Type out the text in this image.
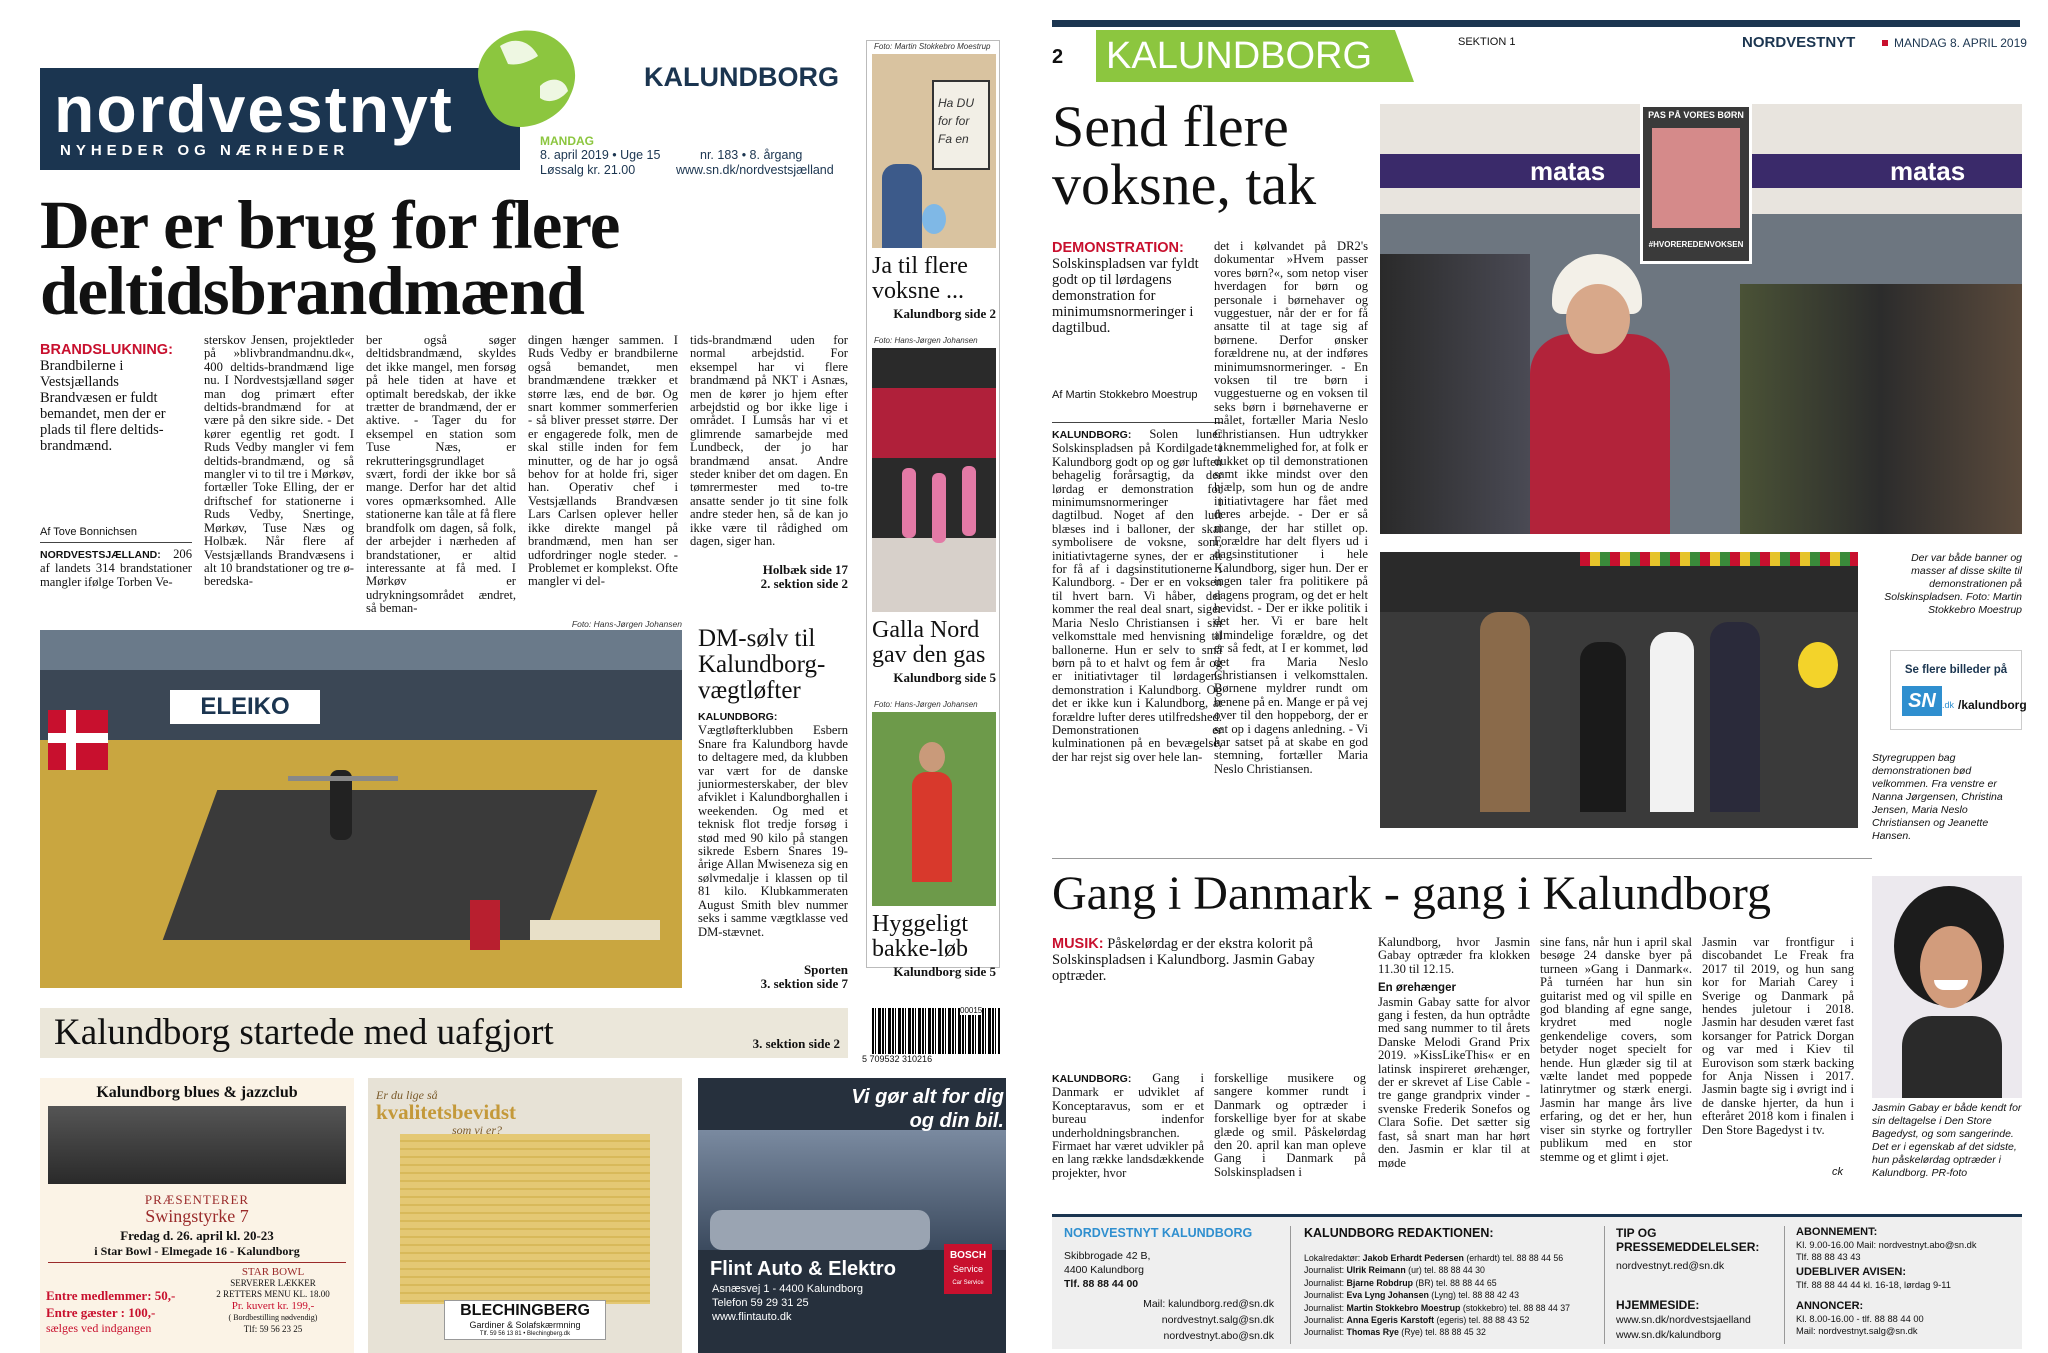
nordvestnyt
NYHEDER OG NÆRHEDER
KALUNDBORG
MANDAG
8. april 2019 • Uge 15
Løssalg kr. 21.00
nr. 183 • 8. årgang
www.sn.dk/nordvestsjælland
Der er brug for flere deltidsbrandmænd
BRANDSLUKNING:
Brandbilerne i Vestsjællands Brandvæsen er fuldt bemandet, men der er plads til flere deltids-brandmænd.
Af Tove Bonnichsen
NORDVESTSJÆLLAND: 206 af landets 314 brandstationer mangler ifølge Torben Ve-
sterskov Jensen, projektleder på »blivbrandmandnu.dk«, 400 deltids-brandmænd lige nu. I Nordvestsjælland søger man dog primært efter deltids-brandmænd for at være på den sikre side. - Det kører egentlig ret godt. I Ruds Vedby mangler vi fem deltids-brandmænd, og så mangler vi to til tre i Mørkøv, fortæller Toke Elling, der er driftschef for stationerne i Ruds Vedby, Snertinge, Mørkøv, Tuse Næs og Holbæk. Når flere af Vestsjællands Brandvæsens i alt 10 brandstationer og tre ø-beredska-
ber også søger deltidsbrandmænd, skyldes det ikke mangel, men forsøg på hele tiden at have et optimalt beredskab, der ikke trætter de brandmænd, der er aktive. - Tager du for eksempel en station som Tuse Næs, er rekrutteringsgrundlaget svært, fordi der ikke bor så mange. Derfor har det altid vores opmærksomhed. Alle stationerne kan tåle at få flere brandfolk om dagen, så folk, der arbejder i nærheden af brandstationer, er altid interessante at få med. I Mørkøv er udrykningsområdet ændret, så beman-
dingen hænger sammen. I Ruds Vedby er brandbilerne også bemandet, men brandmændene trækker et større læs, end de bør. Og snart kommer sommerferien - så bliver presset større. Der er engagerede folk, men de skal stille inden for fem minutter, og de har jo også behov for at holde fri, siger han. Operativ chef i Vestsjællands Brandvæsen Lars Carlsen oplever heller ikke direkte mangel på brandmænd, men han ser udfordringer nogle steder. - Problemet er komplekst. Ofte mangler vi del-
tids-brandmænd uden for normal arbejdstid. For eksempel har vi flere brandmænd på NKT i Asnæs, men de kører jo hjem efter arbejdstid og bor ikke lige i området. I Lumsås har vi et glimrende samarbejde med Lundbeck, der jo har brandmænd ansat. Andre steder kniber det om dagen. En tømrermester med to-tre ansatte sender jo tit sine folk andre steder hen, så de kan jo ikke være til rådighed om dagen, siger han.
Holbæk side 17
2. sektion side 2
Foto: Hans-Jørgen Johansen
ELEIKO
DM-sølv til Kalundborg-vægtløfter
KALUNDBORG: Vægtløfterklubben Esbern Snare fra Kalundborg havde to deltagere med, da klubben var vært for de danske juniormesterskaber, der blev afviklet i Kalundborghallen i weekenden. Og med et teknisk flot tredje forsøg i stød med 90 kilo på stangen sikrede Esbern Snares 19-årige Allan Mwiseneza sig en sølvmedalje i klassen op til 81 kilo. Klubkammeraten August Smith blev nummer seks i samme vægtklasse ved DM-stævnet.
Sporten
3. sektion side 7
Kalundborg startede med uafgjort	3. sektion side 2
Foto: Martin Stokkebro Moestrup
Ha DU for for Fa en
Ja til flere voksne ...
Kalundborg side 2
Foto: Hans-Jørgen Johansen
Galla Nord gav den gas
Kalundborg side 5
Foto: Hans-Jørgen Johansen
Hyggeligt bakke-løb
Kalundborg side 5
00015
5 709532 310216
Kalundborg blues & jazzclub
PRÆSENTERER
Swingstyrke 7
Fredag d. 26. april kl. 20-23
i Star Bowl - Elmegade 16 - Kalundborg
Entre medlemmer: 50,-
Entre gæster : 100,-
sælges ved indgangen
STAR BOWL
SERVERER LÆKKER
2 RETTERS MENU KL. 18.00
Pr. kuvert kr. 199,-
( Bordbestilling nødvendig)
Tlf: 59 56 23 25
Er du lige så
kvalitetsbevidst
som vi er?
BLECHINGBERG
Gardiner & Solafskærmning
Tlf. 59 56 13 81 • Blechingberg.dk
Vi gør alt for dig
og din bil.
Flint Auto & Elektro
Asnæsvej 1 - 4400 Kalundborg
Telefon 59 29 31 25
www.flintauto.dk
BOSCH
Service
Car Service
2 KALUNDBORG	SEKTION 1	NORDVESTNYT	MANDAG 8. APRIL 2019
Send flere voksne, tak
DEMONSTRATION:
Solskinspladsen var fyldt godt op til lørdagens demonstration for minimumsnormeringer i dagtilbud.
Af Martin Stokkebro Moestrup
KALUNDBORG: Solen luner Solskinspladsen på Kordilgade i Kalundborg godt op og gør luften behagelig forårsagtig, da der lørdag er demonstration for minimumsnormeringer i dagtilbud. Noget af den luft blæses ind i balloner, der skal symbolisere de voksne, som, initiativtagerne synes, der er alt for få af i dagsinstitutionerne i Kalundborg. - Der er en voksen til hvert barn. Vi håber, der kommer the real deal snart, siger Maria Neslo Christiansen i sin velkomsttale med henvisning til ballonerne. Hun er selv to små børn på to et halvt og fem år og er initiativtager til lørdagens demonstration i Kalundborg. Og det er ikke kun i Kalundborg, at forældre lufter deres utilfredshed. Demonstrationen er kulminationen på en bevægelse, der har rejst sig over hele lan-
det i kølvandet på DR2's dokumentar »Hvem passer vores børn?«, som netop viser hverdagen for børn og personale i børnehaver og vuggestuer, når der er for få ansatte til at tage sig af børnene. Derfor ønsker forældrene nu, at der indføres minimumsnormeringer. - En voksen til tre børn i vuggestuerne og en voksen til seks børn i børnehaverne er målet, fortæller Maria Neslo Christiansen. Hun udtrykker taknemmelighed for, at folk er dukket op til demonstrationen samt ikke mindst over den hjælp, som hun og de andre initiativtagere har fået med deres arbejde. - Der er så mange, der har stillet op. Forældre har delt flyers ud i dagsinstitutioner i hele Kalundborg, siger hun. Der er ingen taler fra politikere på dagens program, og det er helt bevidst. - Der er ikke politik i det her. Vi er bare helt almindelige forældre, og det er så fedt, at I er kommet, lød det fra Maria Neslo Christiansen i velkomsttalen. Børnene myldrer rundt om benene på en. Mange er på vej over til den hoppeborg, der er sat op i dagens anledning. - Vi har satset på at skabe en god stemning, fortæller Maria Neslo Christiansen.
matas	matas
PAS PÅ VORES BØRN
#HVOREREDENVOKSEN
Der var både banner og masser af disse skilte til demonstrationen på Solskinspladsen. Foto: Martin Stokkebro Moestrup
Se flere billeder på
SN .dk /kalundborg
Styregruppen bag demonstrationen bød velkommen. Fra venstre er Nanna Jørgensen, Christina Jensen, Maria Neslo Christiansen og Jeanette Hansen.
Gang i Danmark - gang i Kalundborg
MUSIK: Påskelørdag er der ekstra kolorit på Solskinspladsen i Kalundborg. Jasmin Gabay optræder.
KALUNDBORG: Gang i Danmark er udviklet af Konceptaravus, som er et bureau indenfor underholdningsbranchen. Firmaet har været udvikler på en lang række landsdækkende projekter, hvor
forskellige musikere og sangere kommer rundt i Danmark og optræder i forskellige byer for at skabe glæde og smil. Påskelørdag den 20. april kan man opleve Gang i Danmark på Solskinspladsen i
Kalundborg, hvor Jasmin Gabay optræder fra klokken 11.30 til 12.15.

En ørehænger
Jasmin Gabay satte for alvor gang i festen, da hun optrådte med sang nummer to til årets Danske Melodi Grand Prix 2019. »KissLikeThis« er en latinsk inspireret ørehænger, der er skrevet af Lise Cable - tre gange grandprix vinder - svenske Frederik Sonefos og Clara Sofie. Det sætter sig fast, så snart man har hørt den. Jasmin er klar til at møde
sine fans, når hun i april skal besøge 24 danske byer på turneen »Gang i Danmark«. På turnéen har hun sin guitarist med og vil spille en god blanding af egne sange, krydret med nogle genkendelige covers, som betyder noget specielt for hende. Hun glæder sig til at vælte landet med poppede latinrytmer og stærk energi. Jasmin har mange års live erfaring, og det er her, hun viser sin styrke og fortryller publikum med en stor stemme og et glimt i øjet.
Jasmin var frontfigur i discobandet Le Freak fra 2017 til 2019, og hun sang kor for Mariah Carey i Sverige og Danmark på hendes juletour i 2018. Jasmin har desuden været fast korsanger for Patrick Dorgan og var med i Kiev til Eurovison som stærk backing for Anja Nissen i 2017. Jasmin bagte sig i øvrigt ind i de danske hjerter, da hun i efteråret 2018 kom i finalen i Den Store Bagedyst i tv.
ck
Jasmin Gabay er både kendt for sin deltagelse i Den Store Bagedyst, og som sangerinde. Det er i egenskab af det sidste, hun påskelørdag optræder i Kalundborg. PR-foto
NORDVESTNYT KALUNDBORG
Skibbrogade 42 B,
4400 Kalundborg
Tlf. 88 88 44 00
Mail: kalundborg.red@sn.dk
nordvestnyt.salg@sn.dk
nordvestnyt.abo@sn.dk
KALUNDBORG REDAKTIONEN:
Lokalredaktør: Jakob Erhardt Pedersen (erhardt) tel. 88 88 44 56
Journalist: Ulrik Reimann (ur) tel. 88 88 44 30
Journalist: Bjarne Robdrup (BR) tel. 88 88 44 65
Journalist: Eva Lyng Johansen (Lyng) tel. 88 88 42 43
Journalist: Martin Stokkebro Moestrup (stokkebro) tel. 88 88 44 37
Journalist: Anna Egeris Karstoft (egeris) tel. 88 88 43 52
Journalist: Thomas Rye (Rye) tel. 88 88 45 32
TIP OG PRESSEMEDDELELSER:
nordvestnyt.red@sn.dk
HJEMMESIDE:
www.sn.dk/nordvestsjaelland
www.sn.dk/kalundborg
ABONNEMENT:
Kl. 9.00-16.00 Mail: nordvestnyt.abo@sn.dk
Tlf. 88 88 43 43
UDEBLIVER AVISEN:
Tlf. 88 88 44 44 kl. 16-18, lørdag 9-11
ANNONCER:
Kl. 8.00-16.00 - tlf. 88 88 44 00
Mail: nordvestnyt.salg@sn.dk
